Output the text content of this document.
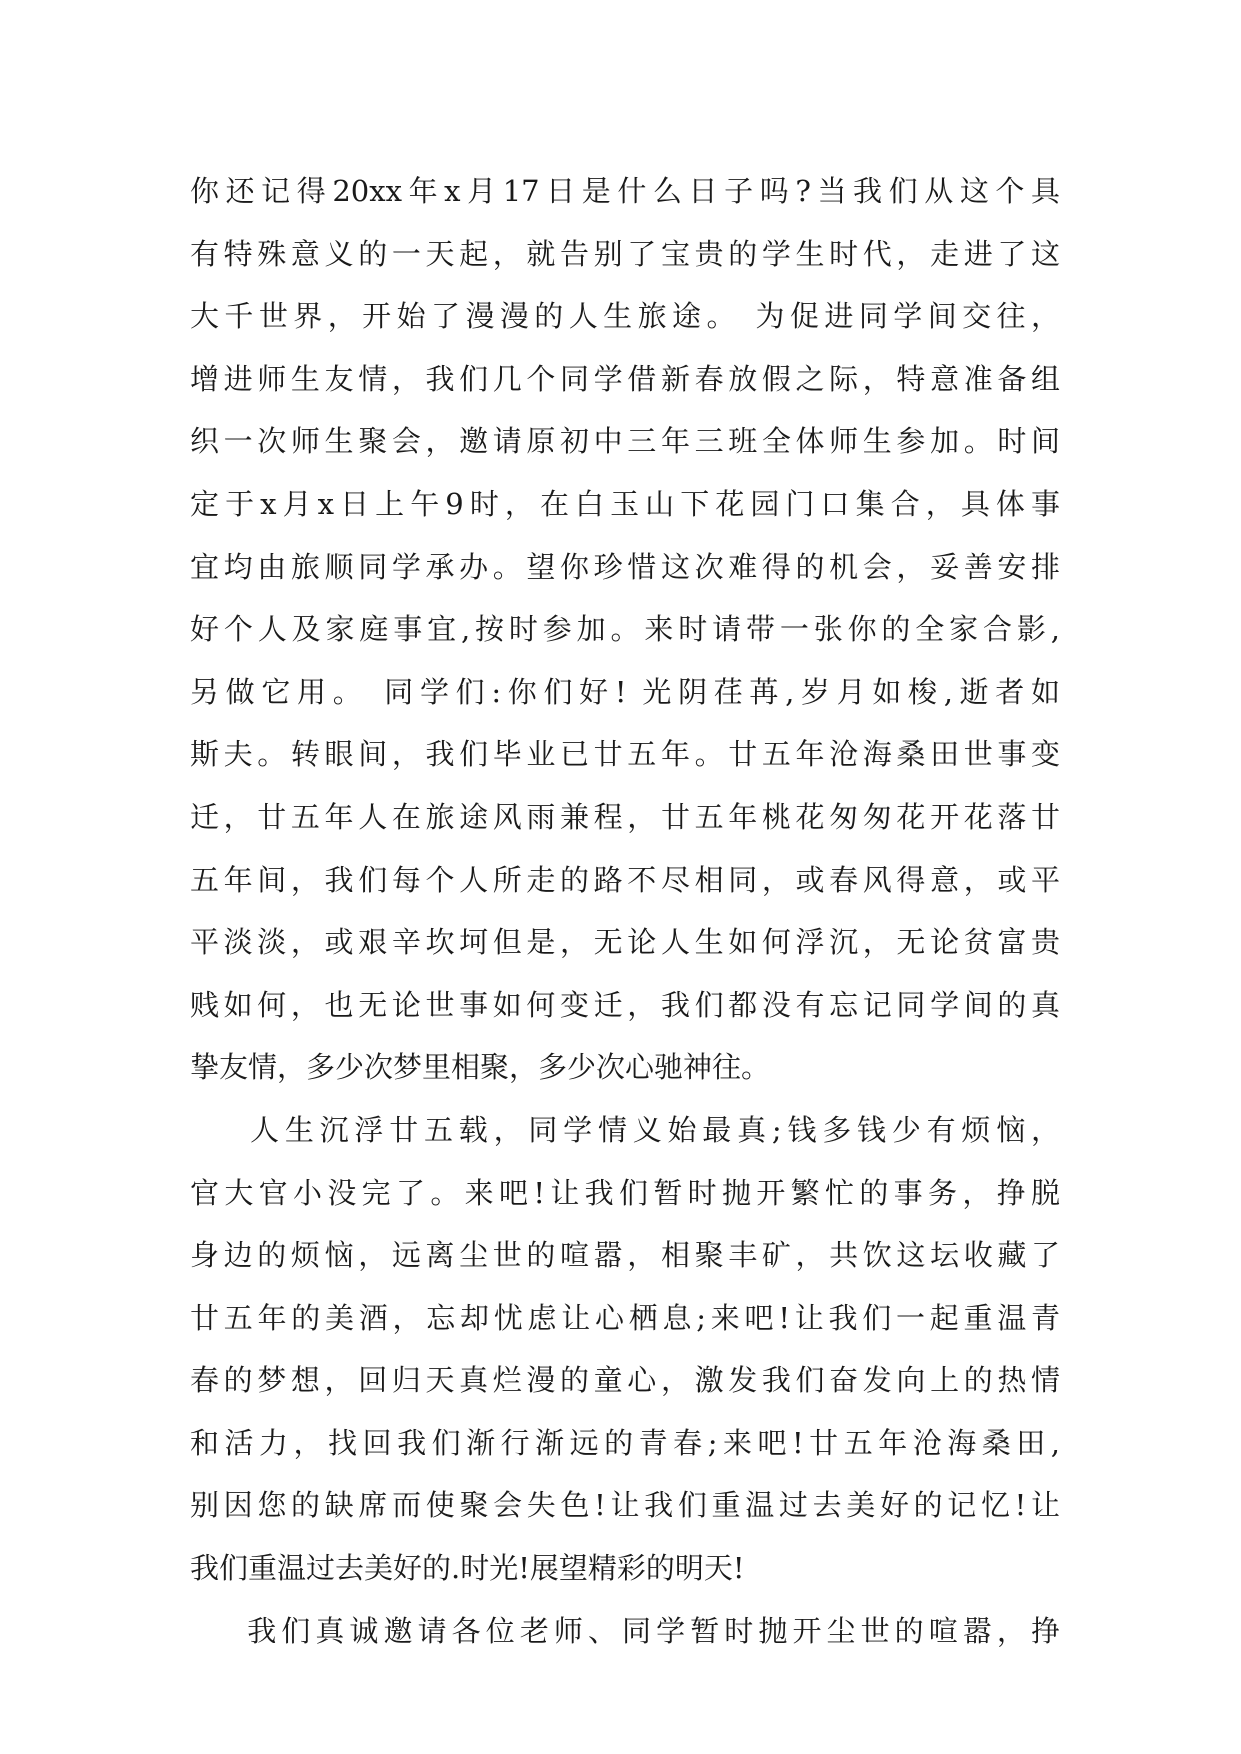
你还记得20xx年x月17日是什么日子吗?当我们从这个具
有特殊意义的一天起，就告别了宝贵的学生时代，走进了这
大千世界，开始了漫漫的人生旅途。 为促进同学间交往，
增进师生友情，我们几个同学借新春放假之际，特意准备组
织一次师生聚会，邀请原初中三年三班全体师生参加。时间
定于x月x日上午9时，在白玉山下花园门口集合，具体事
宜均由旅顺同学承办。望你珍惜这次难得的机会，妥善安排
好个人及家庭事宜,按时参加。来时请带一张你的全家合影,
另做它用。 同学们:你们好! 光阴荏苒,岁月如梭,逝者如
斯夫。转眼间，我们毕业已廿五年。廿五年沧海桑田世事变
迁，廿五年人在旅途风雨兼程，廿五年桃花匆匆花开花落廿
五年间，我们每个人所走的路不尽相同，或春风得意，或平
平淡淡，或艰辛坎坷但是，无论人生如何浮沉，无论贫富贵
贱如何，也无论世事如何变迁，我们都没有忘记同学间的真
挚友情，多少次梦里相聚，多少次心驰神往。
人生沉浮廿五载，同学情义始最真;钱多钱少有烦恼，
官大官小没完了。来吧!让我们暂时抛开繁忙的事务，挣脱
身边的烦恼，远离尘世的喧嚣，相聚丰矿，共饮这坛收藏了
廿五年的美酒，忘却忧虑让心栖息;来吧!让我们一起重温青
春的梦想，回归天真烂漫的童心，激发我们奋发向上的热情
和活力，找回我们渐行渐远的青春;来吧!廿五年沧海桑田,
别因您的缺席而使聚会失色!让我们重温过去美好的记忆!让
我们重温过去美好的.时光!展望精彩的明天!
我们真诚邀请各位老师、同学暂时抛开尘世的喧嚣，挣
